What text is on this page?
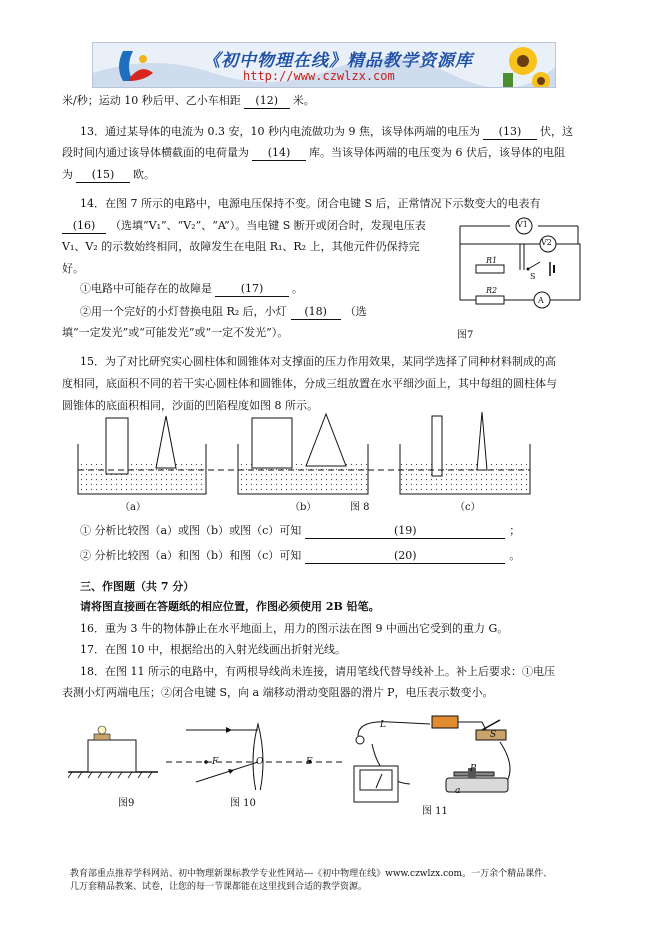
《初中物理在线》精品教学资源库
http://www.czwlzx.com
米/秒；运动 10 秒后甲、乙小车相距 (12) 米。
13．通过某导体的电流为 0.3 安，10 秒内电流做功为 9 焦，该导体两端的电压为 (13) 伏，这
段时间内通过该导体横截面的电荷量为 (14) 库。当该导体两端的电压变为 6 伏后，该导体的电阻
为 (15) 欧。
14．在图 7 所示的电路中，电源电压保持不变。闭合电键 S 后，正常情况下示数变大的电表有
(16) （选填“V₁”、“V₂”、“A”）。当电键 S 断开或闭合时，发现电压表
V₁、V₂ 的示数始终相同，故障发生在电阻 R₁、R₂ 上，其他元件仍保持完
好。
①电路中可能存在的故障是	(17)	。
②用一个完好的小灯替换电阻 R₂ 后，小灯 (18) （选
填“一定发光”或“可能发光”或“一定不发光”）。
V1
V2
R1
S
R2
A
图7
15．为了对比研究实心圆柱体和圆锥体对支撑面的压力作用效果，某同学选择了同种材料制成的高
度相同，底面积不同的若干实心圆柱体和圆锥体，分成三组放置在水平细沙面上，其中每组的圆柱体与
圆锥体的底面积相同，沙面的凹陷程度如图 8 所示。
（a）	（b）	图 8	（c）
① 分析比较图（a）或图（b）或图（c）可知	(19)	；
② 分析比较图（a）和图（b）和图（c）可知	(20)	。
三、作图题（共 7 分）
请将图直接画在答题纸的相应位置，作图必须使用 2B 铅笔。
16．重为 3 牛的物体静止在水平地面上，用力的图示法在图 9 中画出它受到的重力 G。
17．在图 10 中，根据给出的入射光线画出折射光线。
18．在图 11 所示的电路中，有两根导线尚未连接，请用笔线代替导线补上。补上后要求：①电压
表测小灯两端电压；②闭合电键 S，向 a 端移动滑动变阻器的滑片 P，电压表示数变小。
图9
F	O	F
图 10
L
S
P
a
图 11
教育部重点推荐学科网站、初中物理新课标教学专业性网站---《初中物理在线》www.czwlzx.com。一万余个精品课件、
几万套精品教案、试卷，让您的每一节课都能在这里找到合适的教学资源。
